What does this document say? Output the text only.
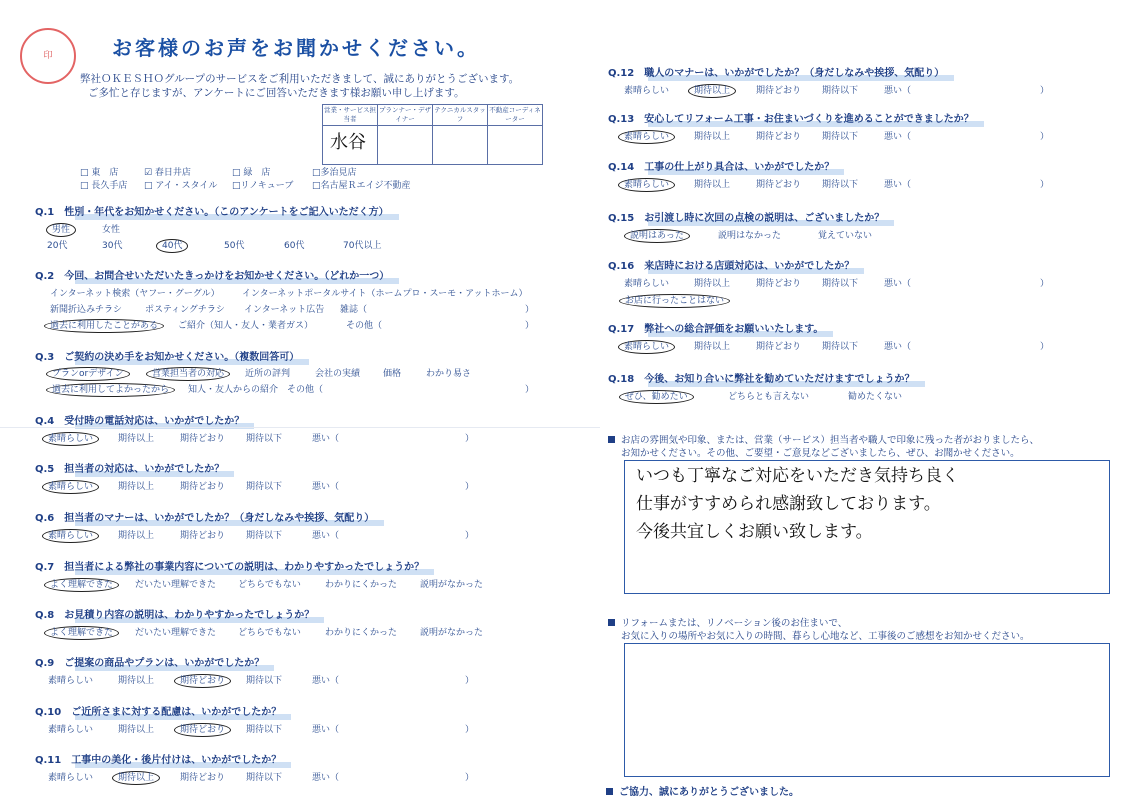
印	お客様のお声をお聞かせください。
弊社ＯＫＥＳＨＯグループのサービスをご利用いただきまして、誠にありがとうございます。
ご多忙と存じますが、アンケートにご回答いただきます様お願い申し上げます。
営業・サービス担当者	プランナー・デザイナー	テクニカルスタッフ	不動産コーディネーター

水谷
□ 東　店	☑ 春日井店	□ 緑　店	□多治見店
□ 長久手店 □ アイ・スタイル □リノキューブ □名古屋Ｒエイジ不動産
Q.1　 性別・年代をお知かせください。（このアンケートをご記入いただく方）
男性	女性
20代	30代	40代	50代	60代	70代以上
Q.2　 今回、お問合せいただいたきっかけをお知かせください。（どれか一つ）
インターネット検索（ヤフー・グーグル） インターネットポータルサイト（ホームプロ・スーモ・アットホーム）
新聞折込みチラシ	ポスティングチラシ インターネット広告 雑誌（	）
過去に利用したことがある	ご紹介（知人・友人・業者ガス）	その他（	）
Q.3　 ご契約の決め手をお知かせください。（複数回答可）
プランorデザイン	営業担当者の対応	近所の評判	会社の実績	価格	わかり易さ
過去に利用してよかったから	知人・友人からの紹介 その他（	）
Q.4　 受付時の電話対応は、いかがでしたか？
素晴らしい	期待以上	期待どおり 期待以下	悪い（	）
Q.5　 担当者の対応は、いかがでしたか？
素晴らしい	期待以上	期待どおり 期待以下	悪い（	）
Q.6　 担当者のマナーは、いかがでしたか？（身だしなみや挨拶、気配り）
素晴らしい	期待以上	期待どおり 期待以下	悪い（	）
Q.9　 ご提案の商品やプランは、いかがでしたか？
素晴らしい	期待以上	期待どおり	期待以下	悪い（	）
Q.10　 ご近所さまに対する配慮は、いかがでしたか？
素晴らしい	期待以上	期待どおり	期待以下	悪い（	）
Q.11　 工事中の美化・後片付けは、いかがでしたか？
素晴らしい	期待以上	期待どおり 期待以下	悪い（	）
Q.7　 担当者による弊社の事業内容についての説明は、わかりやすかったでしょうか？
よく理解できた	だいたい理解できた どちらでもない	わかりにくかった	説明がなかった
Q.8　 お見積り内容の説明は、わかりやすかったでしょうか？
よく理解できた	だいたい理解できた どちらでもない	わかりにくかった	説明がなかった
Q.12　 職人のマナーは、いかがでしたか？（身だしなみや挨拶、気配り）
素晴らしい	期待以上	期待どおり 期待以下	悪い（	）
Q.13　 安心してリフォーム工事・お住まいづくりを進めることができましたか？
素晴らしい	期待以上	期待どおり 期待以下	悪い（	）
Q.14　 工事の仕上がり具合は、いかがでしたか？
素晴らしい	期待以上	期待どおり 期待以下	悪い（	）
Q.16　 来店時における店頭対応は、いかがでしたか？
素晴らしい	期待以上	期待どおり 期待以下	悪い（	）
Q.17　 弊社への総合評価をお願いいたします。
素晴らしい	期待以上	期待どおり 期待以下	悪い（	）
Q.15　 お引渡し時に次回の点検の説明は、ございましたか？
説明はあった	説明はなかった	覚えていない
お店に行ったことはない
Q.18　 今後、お知り合いに弊社を勧めていただけますでしょうか？
ぜひ、勧めたい	どちらとも言えない	勧めたくない
お店の雰囲気や印象、または、営業（サービス）担当者や職人で印象に残った者がおりましたら、
お知かせください。その他、ご要望・ご意見などございましたら、ぜひ、お聞かせください。
いつも丁寧なご対応をいただき気持ち良く
仕事がすすめられ感謝致しております。
今後共宜しくお願い致します。
リフォームまたは、リノベーション後のお住まいで、
お気に入りの場所やお気に入りの時間、暮らし心地など、工事後のご感想をお知かせください。
ご協力、誠にありがとうございました。
